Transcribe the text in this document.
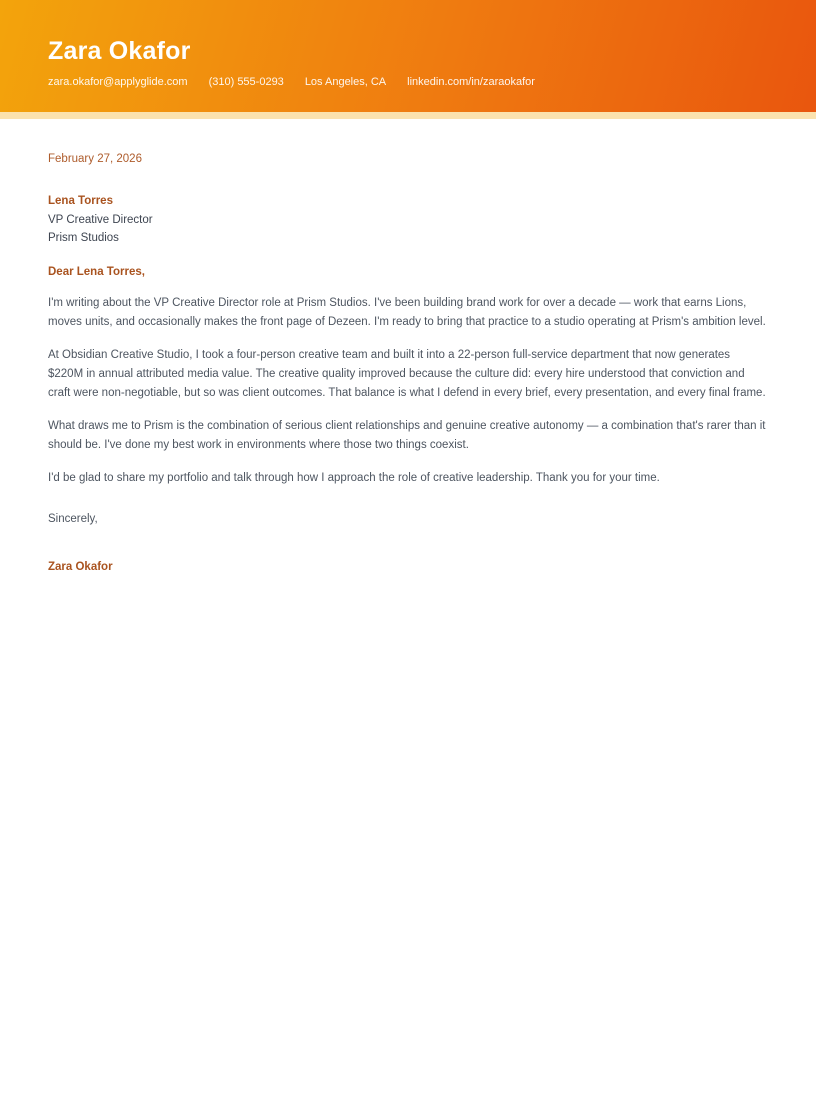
Zara Okafor
zara.okafor@applyglide.com (310) 555-0293 Los Angeles, CA linkedin.com/in/zaraokafor
February 27, 2026
Lena Torres
VP Creative Director
Prism Studios
Dear Lena Torres,

I'm writing about the VP Creative Director role at Prism Studios. I've been building brand work for over a decade — work that earns Lions, moves units, and occasionally makes the front page of Dezeen. I'm ready to bring that practice to a studio operating at Prism's ambition level.

At Obsidian Creative Studio, I took a four-person creative team and built it into a 22-person full-service department that now generates $220M in annual attributed media value. The creative quality improved because the culture did: every hire understood that conviction and craft were non-negotiable, but so was client outcomes. That balance is what I defend in every brief, every presentation, and every final frame.

What draws me to Prism is the combination of serious client relationships and genuine creative autonomy — a combination that's rarer than it should be. I've done my best work in environments where those two things coexist.

I'd be glad to share my portfolio and talk through how I approach the role of creative leadership. Thank you for your time.

Sincerely,
Zara Okafor
